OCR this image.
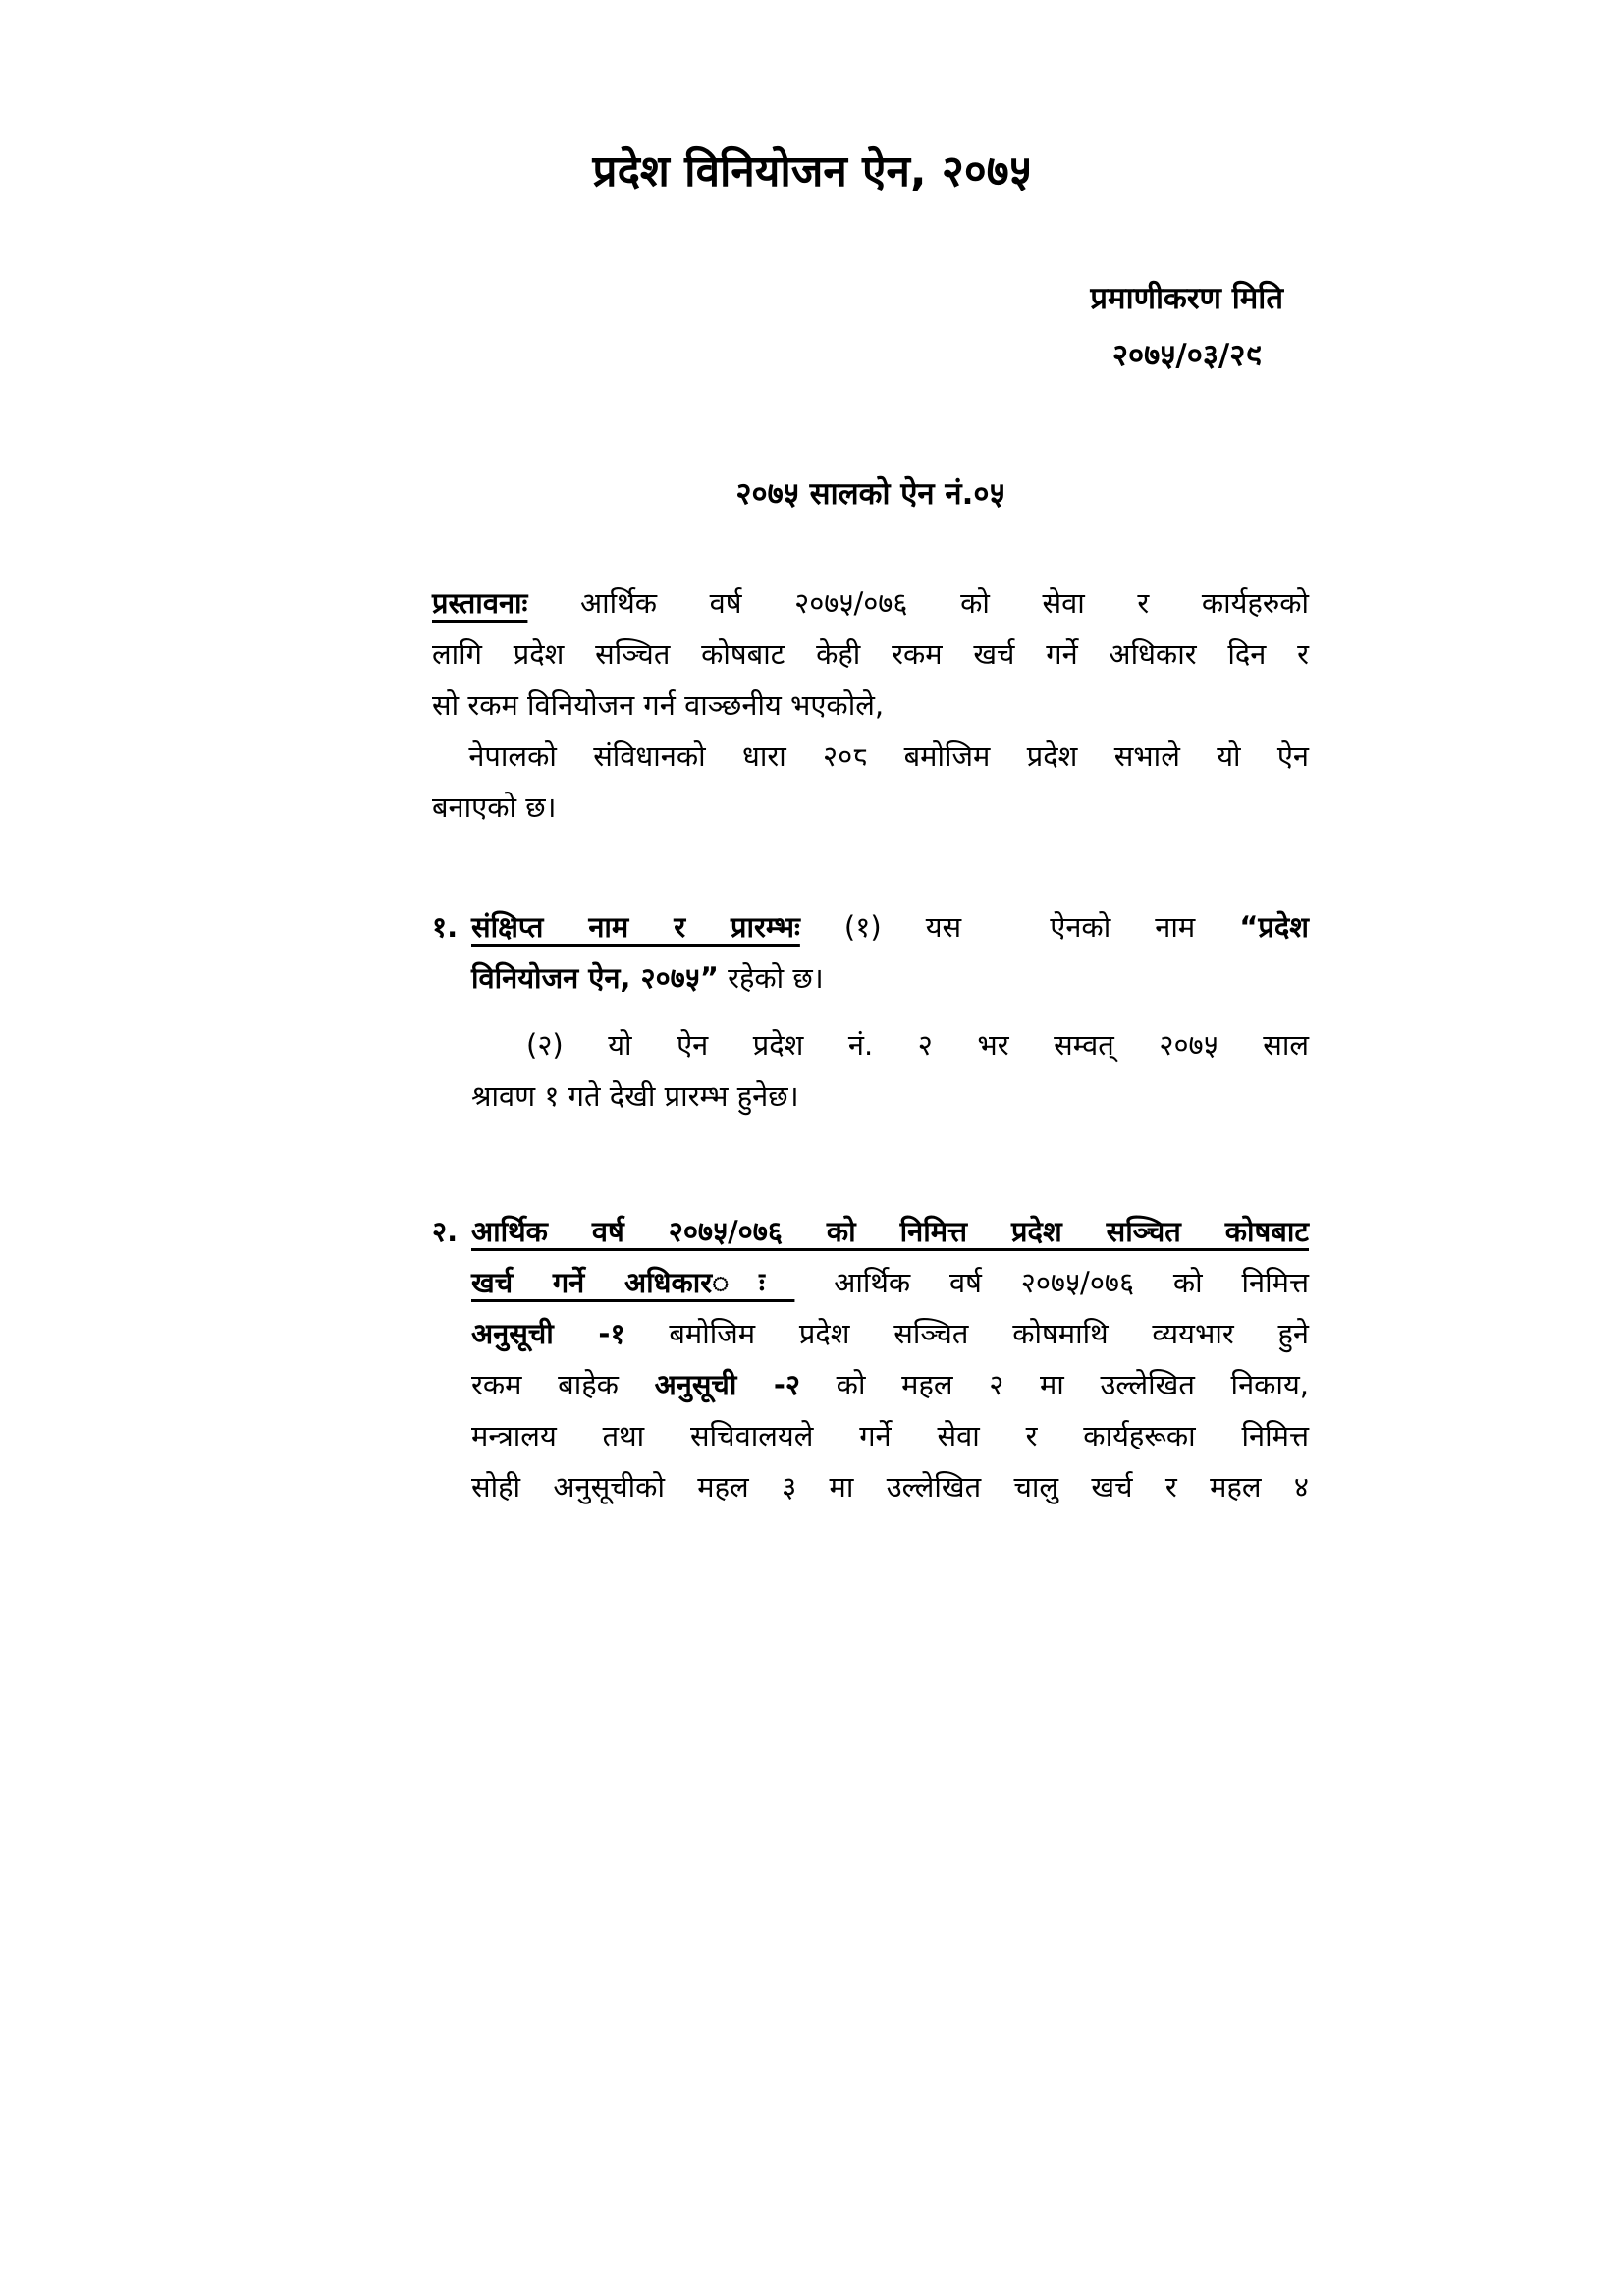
प्रदेश विनियोजन ऐन, २०७५
प्रमाणीकरण मिति
२०७५/०३/२९
२०७५ सालको ऐन नं.०५
प्रस्तावनाः आर्थिक वर्ष २०७५/०७६ को सेवा र कार्यहरुको
लागि प्रदेश सञ्चित कोषबाट केही रकम खर्च गर्ने अधिकार दिन र
सो रकम विनियोजन गर्न वाञ्छनीय भएकोले,
नेपालको संविधानको धारा २०८ बमोजिम प्रदेश सभाले यो ऐन
बनाएको छ।
१. संक्षिप्त नाम र प्रारम्भः (१) यस  ऐनको नाम “प्रदेश
विनियोजन ऐन, २०७५” रहेको छ।
(२) यो ऐन प्रदेश नं. २ भर सम्वत् २०७५ साल
श्रावण १ गते देखी प्रारम्भ हुनेछ।
२. आर्थिक वर्ष २०७५/०७६ को निमित्त प्रदेश सञ्चित कोषबाट
खर्च गर्ने अधिकार◌ः आर्थिक वर्ष २०७५/०७६ को निमित्त
अनुसूची -१ बमोजिम प्रदेश सञ्चित कोषमाथि व्ययभार हुने
रकम बाहेक अनुसूची -२ को महल २ मा उल्लेखित निकाय,
मन्त्रालय तथा सचिवालयले गर्ने सेवा र कार्यहरूका निमित्त
सोही अनुसूचीको महल ३ मा उल्लेखित चालु खर्च र महल ४
